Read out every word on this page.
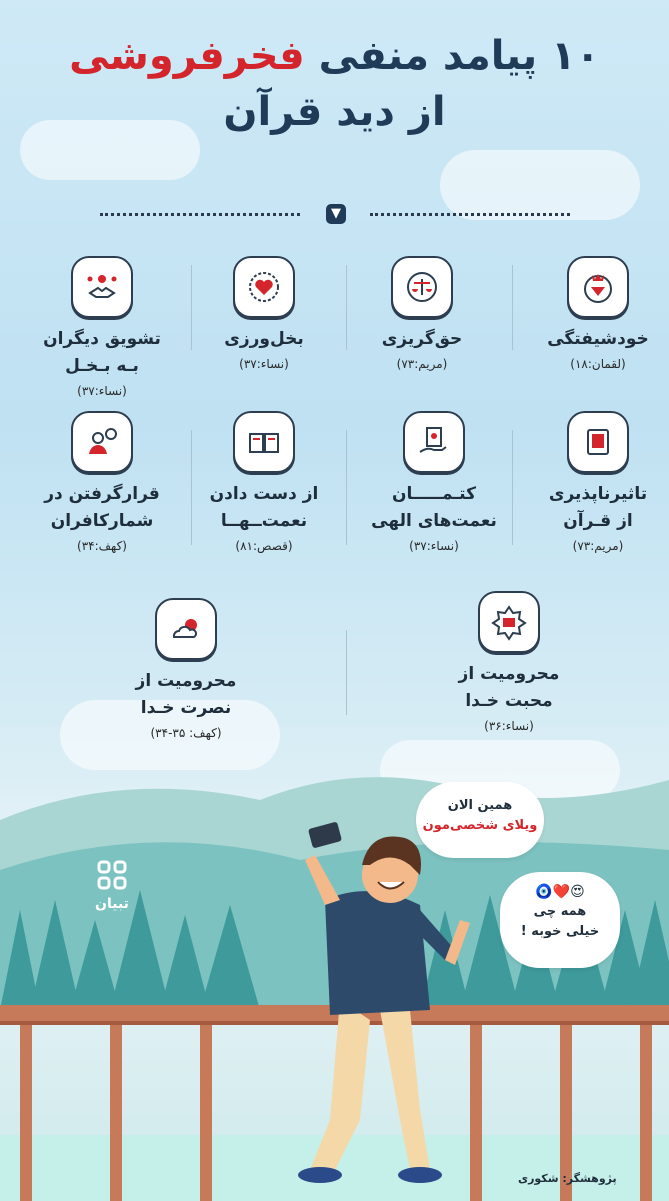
۱۰ پیامد منفی فخرفروشی
از دید قرآن
▼
خودشیفتگی
(لقمان:۱۸)
حق‌گریزی
(مریم:۷۳)
بخل‌ورزی
(نساء:۳۷)
تشویق دیگران
بـه بـخـل
(نساء:۳۷)
تاثیرناپذیری
از قـرآن
(مریم:۷۳)
کتـمـــــان
نعمت‌های الهی
(نساء:۳۷)
از دست دادن
نعمت‌ــهــا
(قصص:۸۱)
قرارگرفتن در
شمارکافران
(کهف:۳۴)
محرومیت از
محبت خـدا
(نساء:۳۶)
محرومیت از
نصرت خـدا
(کهف: ۳۵-۳۴)
همین الان
ویلای شخصی‌مون
😍❤️🧿
همه چی
خیلی خوبه !
تبیان
پژوهشگر: شکوری
